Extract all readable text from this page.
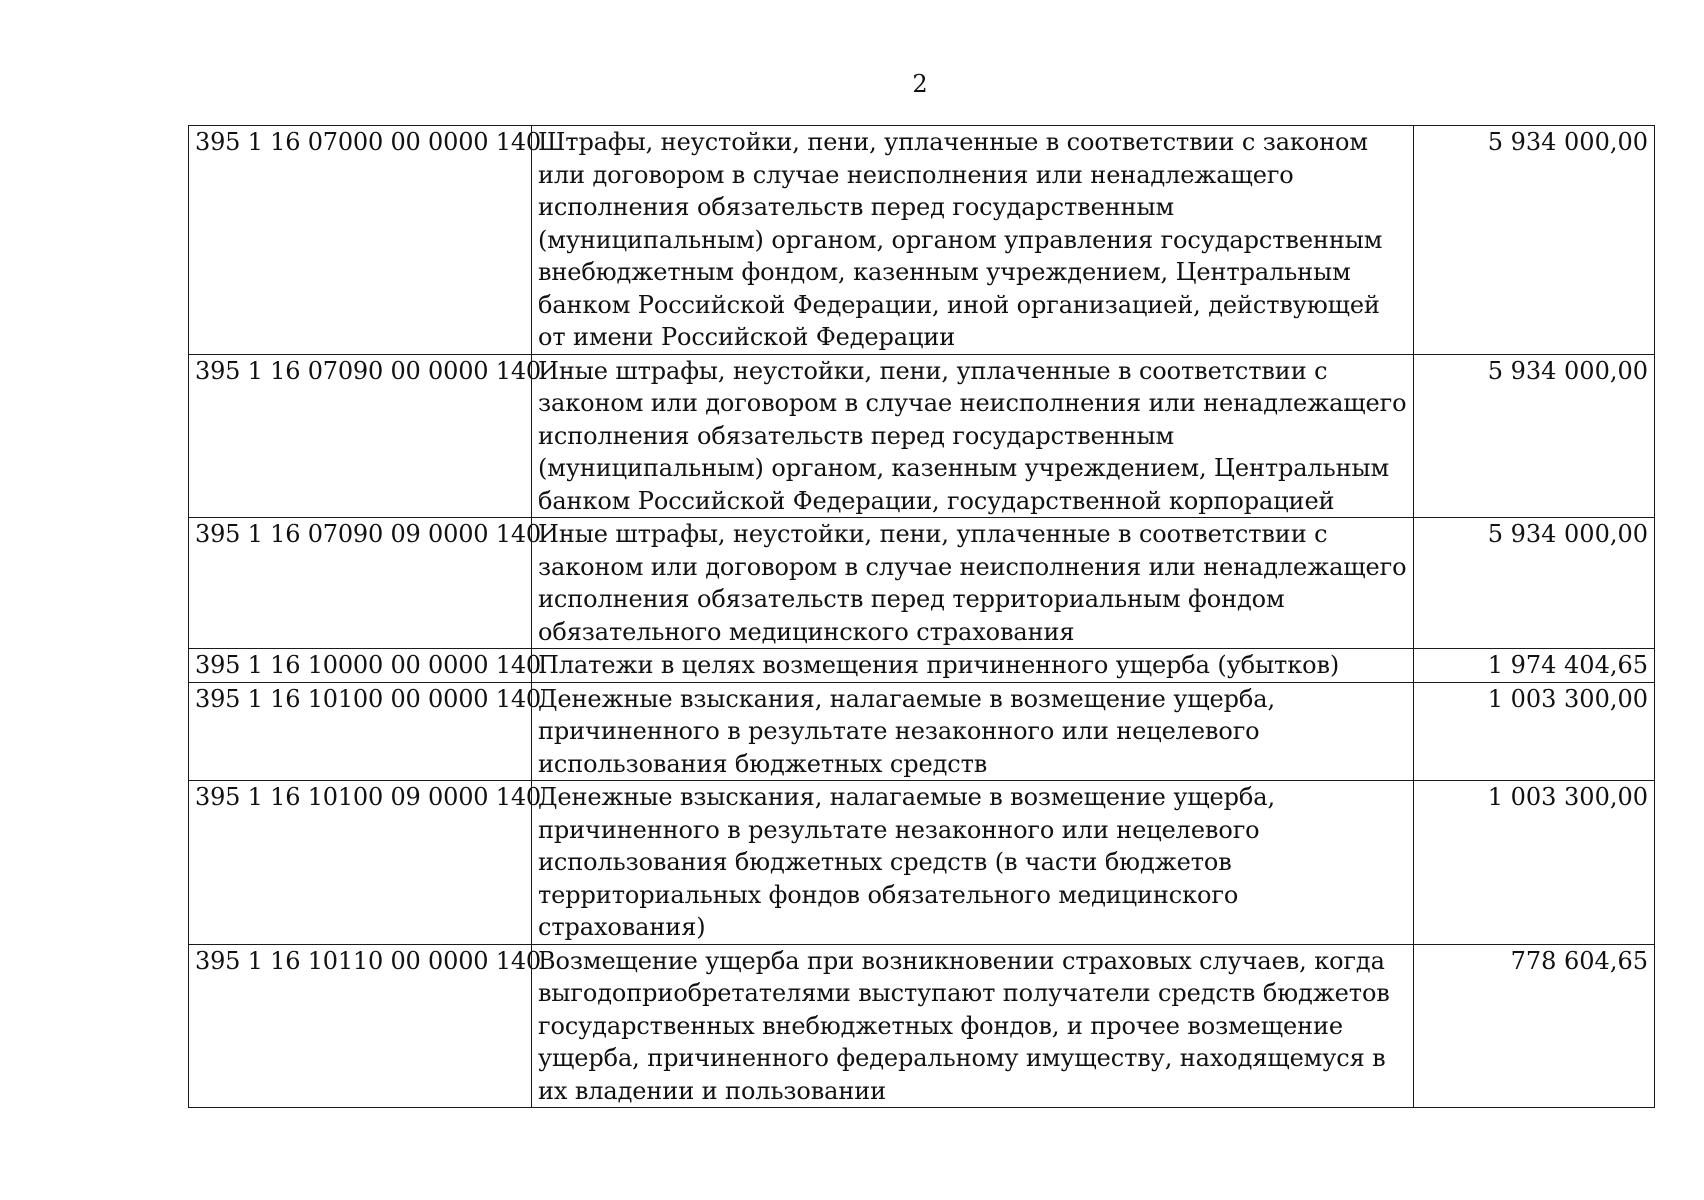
2
395 1 16 07000 00 0000 140	Штрафы, неустойки, пени, уплаченные в соответствии с законом или договором в случае неисполнения или ненадлежащего исполнения обязательств перед государственным (муниципальным) органом, органом управления государственным внебюджетным фондом, казенным учреждением, Центральным банком Российской Федерации, иной организацией, действующей от имени Российской Федерации	5 934 000,00
395 1 16 07090 00 0000 140	Иные штрафы, неустойки, пени, уплаченные в соответствии с законом или договором в случае неисполнения или ненадлежащего исполнения обязательств перед государственным (муниципальным) органом, казенным учреждением, Центральным банком Российской Федерации, государственной корпорацией	5 934 000,00
395 1 16 07090 09 0000 140	Иные штрафы, неустойки, пени, уплаченные в соответствии с законом или договором в случае неисполнения или ненадлежащего исполнения обязательств перед территориальным фондом обязательного медицинского страхования	5 934 000,00
395 1 16 10000 00 0000 140	Платежи в целях возмещения причиненного ущерба (убытков)	1 974 404,65
395 1 16 10100 00 0000 140	Денежные взыскания, налагаемые в возмещение ущерба, причиненного в результате незаконного или нецелевого использования бюджетных средств	1 003 300,00
395 1 16 10100 09 0000 140	Денежные взыскания, налагаемые в возмещение ущерба, причиненного в результате незаконного или нецелевого использования бюджетных средств (в части бюджетов территориальных фондов обязательного медицинского страхования)	1 003 300,00
395 1 16 10110 00 0000 140	Возмещение ущерба при возникновении страховых случаев, когда выгодоприобретателями выступают получатели средств бюджетов государственных внебюджетных фондов, и прочее возмещение ущерба, причиненного федеральному имуществу, находящемуся в их владении и пользовании	778 604,65
